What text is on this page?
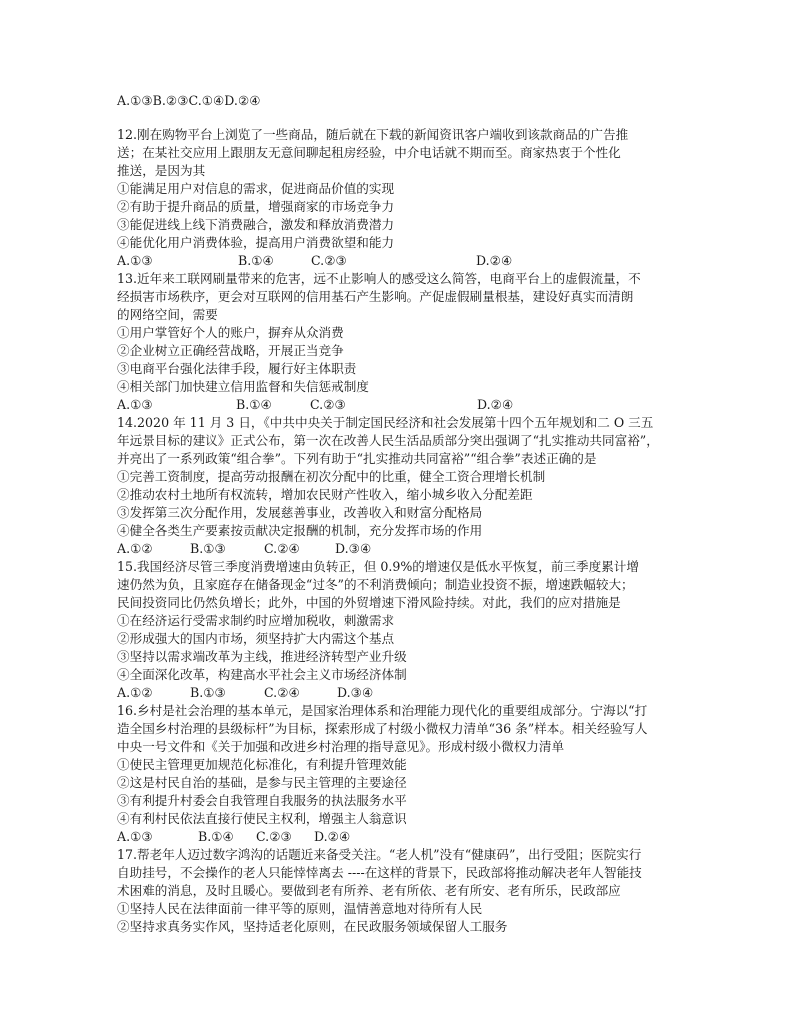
A.①③B.②③C.①④D.②④
12.刚在购物平台上浏览了一些商品，随后就在下载的新闻资讯客户端收到该款商品的广告推
送；在某社交应用上跟朋友无意间聊起租房经验，中介电话就不期而至。商家热衷于个性化
推送，是因为其
①能满足用户对信息的需求，促进商品价值的实现
②有助于提升商品的质量，增强商家的市场竞争力
③能促进线上线下消费融合，激发和释放消费潜力
④能优化用户消费体验，提高用户消费欲望和能力
A.①③	B.①④	C.②③	D.②④
13.近年来工联网刷量带来的危害，远不止影响人的感受这么简答，电商平台上的虚假流量，不
经损害市场秩序，更会对互联网的信用基石产生影响。产促虚假刷量根基，建设好真实而清朗
的网络空间，需要
①用户掌管好个人的账户，摒弃从众消费
②企业树立正确经营战略，开展正当竞争
③电商平台强化法律手段，履行好主体职责
④相关部门加快建立信用监督和失信惩戒制度
A.①③	B.①④	C.②③	D.②④
14.2020 年 11 月 3 日，《中共中央关于制定国民经济和社会发展第十四个五年规划和二 O 三五
年远景目标的建议》正式公布，第一次在改善人民生活品质部分突出强调了“扎实推动共同富裕”，
并亮出了一系列政策“组合拳”。下列有助于“扎实推动共同富裕”“组合拳”表述正确的是
①完善工资制度，提高劳动报酬在初次分配中的比重，健全工资合理增长机制
②推动农村土地所有权流转，增加农民财产性收入，缩小城乡收入分配差距
③发挥第三次分配作用，发展慈善事业，改善收入和财富分配格局
④健全各类生产要素按贡献决定报酬的机制，充分发挥市场的作用
A.①②	B.①③	C.②④	D.③④
15.我国经济尽管三季度消费增速由负转正，但 0.9%的增速仅是低水平恢复，前三季度累计增
速仍然为负，且家庭存在储备现金“过冬”的不利消费倾向；制造业投资不振，增速跌幅较大；
民间投资同比仍然负增长；此外，中国的外贸增速下滑风险持续。对此，我们的应对措施是
①在经济运行受需求制约时应增加税收，刺激需求
②形成强大的国内市场，须坚持扩大内需这个基点
③坚持以需求端改革为主线，推进经济转型产业升级
④全面深化改革，构建高水平社会主义市场经济体制
A.①②	B.①③	C.②④	D.③④
16.乡村是社会治理的基本单元，是国家治理体系和治理能力现代化的重要组成部分。宁海以“打
造全国乡村治理的县级标杆”为目标，探索形成了村级小微权力清单“36 条”样本。相关经验写人
中央一号文件和《关于加强和改进乡村治理的指导意见》。形成村级小微权力清单
①使民主管理更加规范化标准化，有利提升管理效能
②这是村民自治的基础，是参与民主管理的主要途径
③有利提升村委会自我管理自我服务的执法服务水平
④有利村民依法直接行使民主权利，增强主人翁意识
A.①③	B.①④ C.②③ D.②④
17.帮老年人迈过数字鸿沟的话题近来备受关注。“老人机”没有“健康码”，出行受阻；医院实行
自助挂号，不会操作的老人只能悻悻离去 ----在这样的背景下，民政部将推动解决老年人智能技
术困难的消息，及时且暖心。要做到老有所养、老有所依、老有所安、老有所乐，民政部应
①坚持人民在法律面前一律平等的原则，温情善意地对待所有人民
②坚持求真务实作风，坚持适老化原则，在民政服务领域保留人工服务
